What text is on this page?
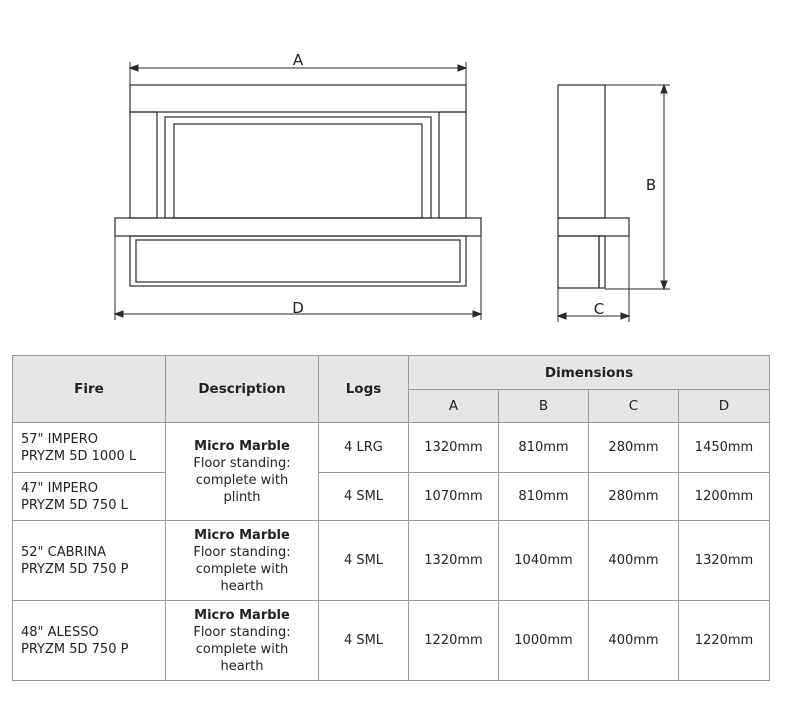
A
D
B
C
Fire	Description	Logs	Dimensions			
			A	B	C	D

57" IMPERO
PRYZM 5D 1000 L	Micro Marble
Floor standing:
complete with
plinth	4 LRG	1320mm	810mm	280mm	1450mm

47" IMPERO
PRYZM 5D 750 L		4 SML	1070mm	810mm	280mm	1200mm

52" CABRINA
PRYZM 5D 750 P	Micro Marble
Floor standing:
complete with
hearth	4 SML	1320mm	1040mm	400mm	1320mm

48" ALESSO
PRYZM 5D 750 P	Micro Marble
Floor standing:
complete with
hearth	4 SML	1220mm	1000mm	400mm	1220mm
